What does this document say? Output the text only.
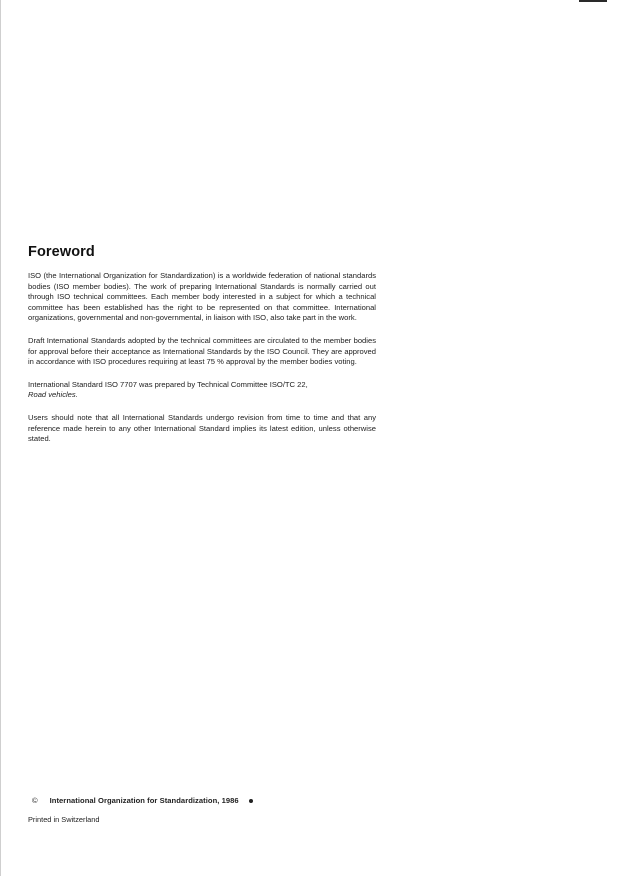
Foreword

ISO (the International Organization for Standardization) is a worldwide federation of national standards bodies (ISO member bodies). The work of preparing International Standards is normally carried out through ISO technical committees. Each member body interested in a subject for which a technical committee has been established has the right to be represented on that committee. International organizations, governmental and non-governmental, in liaison with ISO, also take part in the work.

Draft International Standards adopted by the technical committees are circulated to the member bodies for approval before their acceptance as International Standards by the ISO Council. They are approved in accordance with ISO procedures requiring at least 75 % approval by the member bodies voting.

International Standard ISO 7707 was prepared by Technical Committee ISO/TC 22,
Road vehicles.

Users should note that all International Standards undergo revision from time to time and that any reference made herein to any other International Standard implies its latest edition, unless otherwise stated.

© International Organization for Standardization, 1986
Printed in Switzerland
